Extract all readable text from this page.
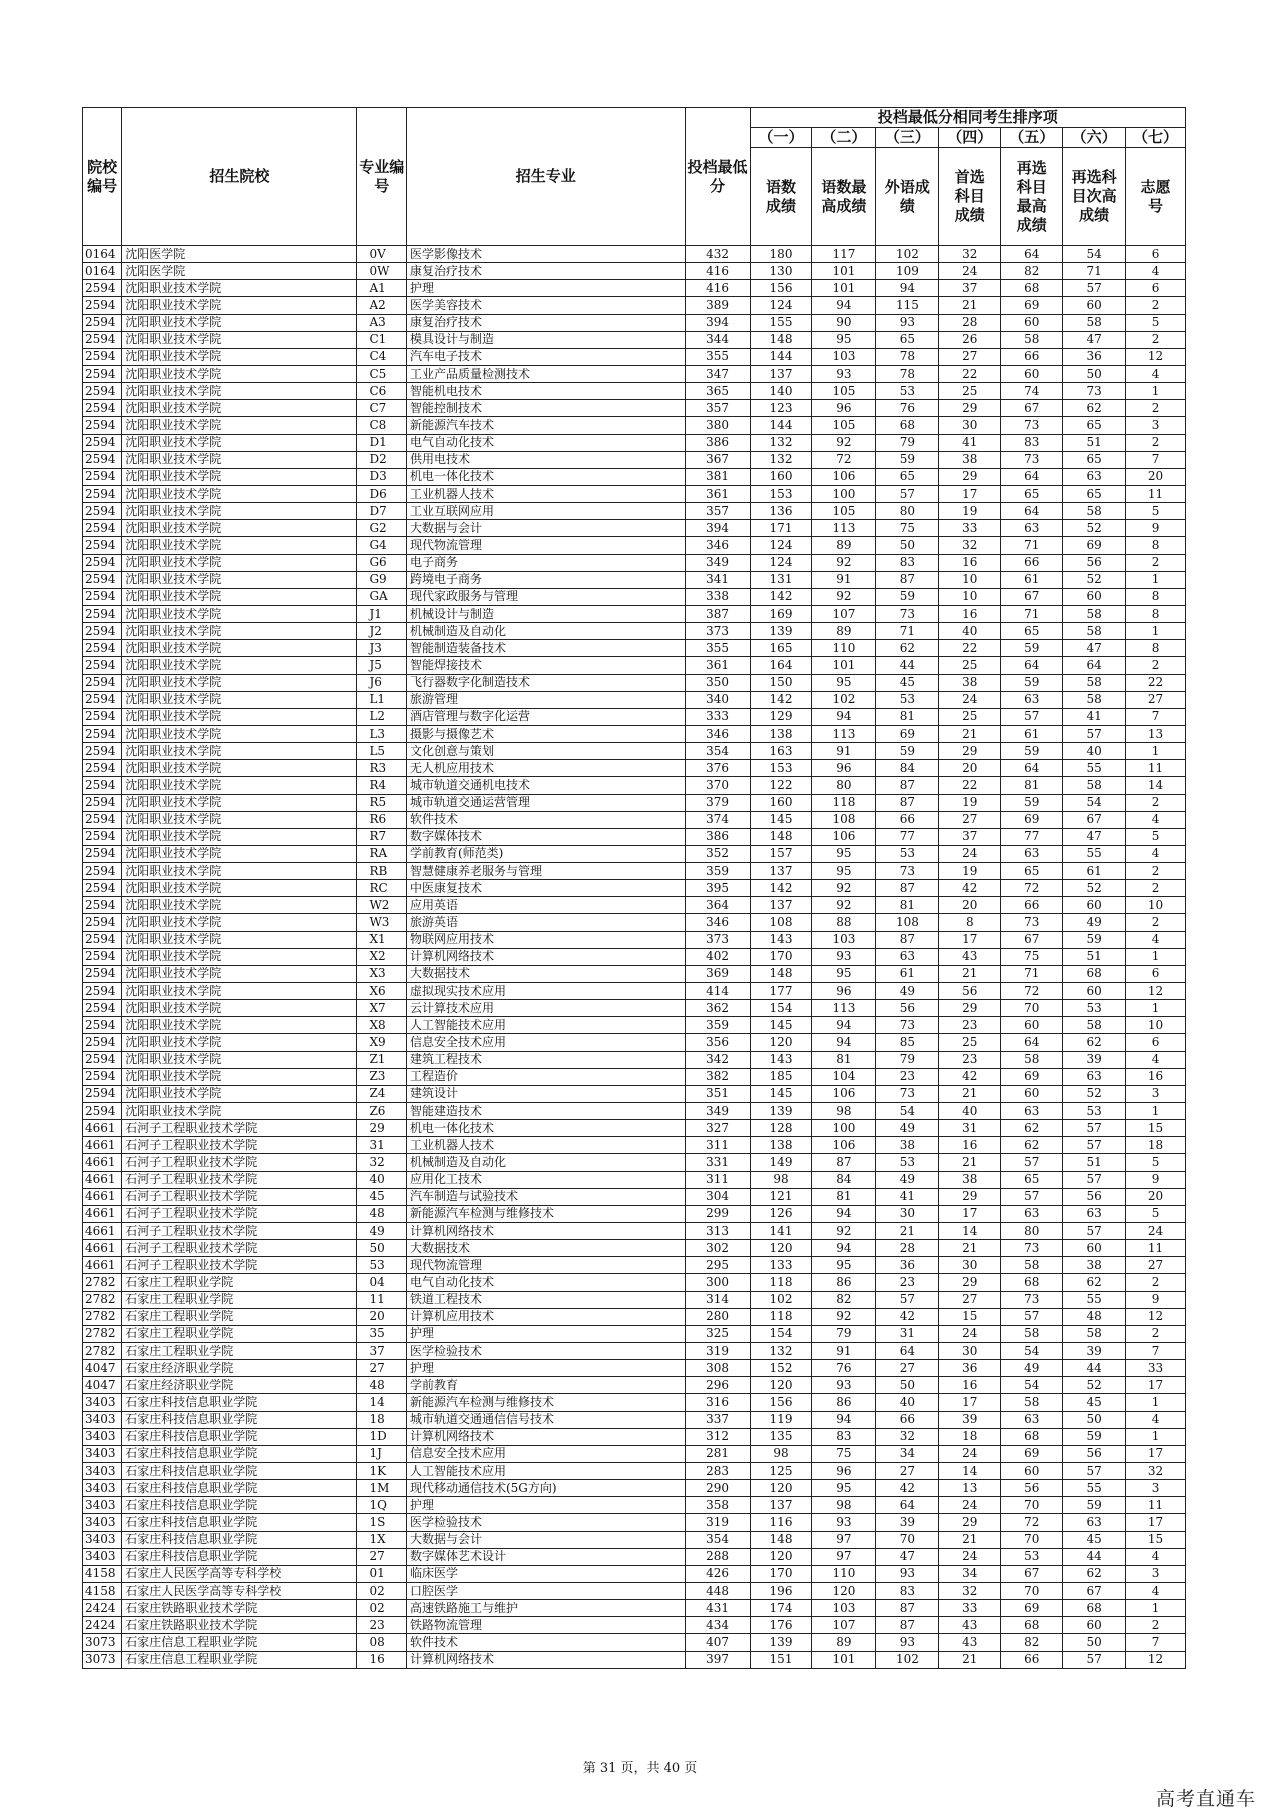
院校编号	招生院校	专业编号	招生专业	投档最低分	投档最低分相同考生排序项						
					（一）	（二）	（三）	（四）	（五）	（六）	（七）
					语数成绩	语数最高成绩	外语成绩	首选科目成绩	再选科目最高成绩	再选科目次高成绩	志愿号
0164	沈阳医学院	0V	医学影像技术	432	180	117	102	32	64	54	6
0164	沈阳医学院	0W	康复治疗技术	416	130	101	109	24	82	71	4
2594	沈阳职业技术学院	A1	护理	416	156	101	94	37	68	57	6
2594	沈阳职业技术学院	A2	医学美容技术	389	124	94	115	21	69	60	2
2594	沈阳职业技术学院	A3	康复治疗技术	394	155	90	93	28	60	58	5
2594	沈阳职业技术学院	C1	模具设计与制造	344	148	95	65	26	58	47	2
2594	沈阳职业技术学院	C4	汽车电子技术	355	144	103	78	27	66	36	12
2594	沈阳职业技术学院	C5	工业产品质量检测技术	347	137	93	78	22	60	50	4
2594	沈阳职业技术学院	C6	智能机电技术	365	140	105	53	25	74	73	1
2594	沈阳职业技术学院	C7	智能控制技术	357	123	96	76	29	67	62	2
2594	沈阳职业技术学院	C8	新能源汽车技术	380	144	105	68	30	73	65	3
2594	沈阳职业技术学院	D1	电气自动化技术	386	132	92	79	41	83	51	2
2594	沈阳职业技术学院	D2	供用电技术	367	132	72	59	38	73	65	7
2594	沈阳职业技术学院	D3	机电一体化技术	381	160	106	65	29	64	63	20
2594	沈阳职业技术学院	D6	工业机器人技术	361	153	100	57	17	65	65	11
2594	沈阳职业技术学院	D7	工业互联网应用	357	136	105	80	19	64	58	5
2594	沈阳职业技术学院	G2	大数据与会计	394	171	113	75	33	63	52	9
2594	沈阳职业技术学院	G4	现代物流管理	346	124	89	50	32	71	69	8
2594	沈阳职业技术学院	G6	电子商务	349	124	92	83	16	66	56	2
2594	沈阳职业技术学院	G9	跨境电子商务	341	131	91	87	10	61	52	1
2594	沈阳职业技术学院	GA	现代家政服务与管理	338	142	92	59	10	67	60	8
2594	沈阳职业技术学院	J1	机械设计与制造	387	169	107	73	16	71	58	8
2594	沈阳职业技术学院	J2	机械制造及自动化	373	139	89	71	40	65	58	1
2594	沈阳职业技术学院	J3	智能制造装备技术	355	165	110	62	22	59	47	8
2594	沈阳职业技术学院	J5	智能焊接技术	361	164	101	44	25	64	64	2
2594	沈阳职业技术学院	J6	飞行器数字化制造技术	350	150	95	45	38	59	58	22
2594	沈阳职业技术学院	L1	旅游管理	340	142	102	53	24	63	58	27
2594	沈阳职业技术学院	L2	酒店管理与数字化运营	333	129	94	81	25	57	41	7
2594	沈阳职业技术学院	L3	摄影与摄像艺术	346	138	113	69	21	61	57	13
2594	沈阳职业技术学院	L5	文化创意与策划	354	163	91	59	29	59	40	1
2594	沈阳职业技术学院	R3	无人机应用技术	376	153	96	84	20	64	55	11
2594	沈阳职业技术学院	R4	城市轨道交通机电技术	370	122	80	87	22	81	58	14
2594	沈阳职业技术学院	R5	城市轨道交通运营管理	379	160	118	87	19	59	54	2
2594	沈阳职业技术学院	R6	软件技术	374	145	108	66	27	69	67	4
2594	沈阳职业技术学院	R7	数字媒体技术	386	148	106	77	37	77	47	5
2594	沈阳职业技术学院	RA	学前教育(师范类)	352	157	95	53	24	63	55	4
2594	沈阳职业技术学院	RB	智慧健康养老服务与管理	359	137	95	73	19	65	61	2
2594	沈阳职业技术学院	RC	中医康复技术	395	142	92	87	42	72	52	2
2594	沈阳职业技术学院	W2	应用英语	364	137	92	81	20	66	60	10
2594	沈阳职业技术学院	W3	旅游英语	346	108	88	108	8	73	49	2
2594	沈阳职业技术学院	X1	物联网应用技术	373	143	103	87	17	67	59	4
2594	沈阳职业技术学院	X2	计算机网络技术	402	170	93	63	43	75	51	1
2594	沈阳职业技术学院	X3	大数据技术	369	148	95	61	21	71	68	6
2594	沈阳职业技术学院	X6	虚拟现实技术应用	414	177	96	49	56	72	60	12
2594	沈阳职业技术学院	X7	云计算技术应用	362	154	113	56	29	70	53	1
2594	沈阳职业技术学院	X8	人工智能技术应用	359	145	94	73	23	60	58	10
2594	沈阳职业技术学院	X9	信息安全技术应用	356	120	94	85	25	64	62	6
2594	沈阳职业技术学院	Z1	建筑工程技术	342	143	81	79	23	58	39	4
2594	沈阳职业技术学院	Z3	工程造价	382	185	104	23	42	69	63	16
2594	沈阳职业技术学院	Z4	建筑设计	351	145	106	73	21	60	52	3
2594	沈阳职业技术学院	Z6	智能建造技术	349	139	98	54	40	63	53	1
4661	石河子工程职业技术学院	29	机电一体化技术	327	128	100	49	31	62	57	15
4661	石河子工程职业技术学院	31	工业机器人技术	311	138	106	38	16	62	57	18
4661	石河子工程职业技术学院	32	机械制造及自动化	331	149	87	53	21	57	51	5
4661	石河子工程职业技术学院	40	应用化工技术	311	98	84	49	38	65	57	9
4661	石河子工程职业技术学院	45	汽车制造与试验技术	304	121	81	41	29	57	56	20
4661	石河子工程职业技术学院	48	新能源汽车检测与维修技术	299	126	94	30	17	63	63	5
4661	石河子工程职业技术学院	49	计算机网络技术	313	141	92	21	14	80	57	24
4661	石河子工程职业技术学院	50	大数据技术	302	120	94	28	21	73	60	11
4661	石河子工程职业技术学院	53	现代物流管理	295	133	95	36	30	58	38	27
2782	石家庄工程职业学院	04	电气自动化技术	300	118	86	23	29	68	62	2
2782	石家庄工程职业学院	11	铁道工程技术	314	102	82	57	27	73	55	9
2782	石家庄工程职业学院	20	计算机应用技术	280	118	92	42	15	57	48	12
2782	石家庄工程职业学院	35	护理	325	154	79	31	24	58	58	2
2782	石家庄工程职业学院	37	医学检验技术	319	132	91	64	30	54	39	7
4047	石家庄经济职业学院	27	护理	308	152	76	27	36	49	44	33
4047	石家庄经济职业学院	48	学前教育	296	120	93	50	16	54	52	17
3403	石家庄科技信息职业学院	14	新能源汽车检测与维修技术	316	156	86	40	17	58	45	1
3403	石家庄科技信息职业学院	18	城市轨道交通通信信号技术	337	119	94	66	39	63	50	4
3403	石家庄科技信息职业学院	1D	计算机网络技术	312	135	83	32	18	68	59	1
3403	石家庄科技信息职业学院	1J	信息安全技术应用	281	98	75	34	24	69	56	17
3403	石家庄科技信息职业学院	1K	人工智能技术应用	283	125	96	27	14	60	57	32
3403	石家庄科技信息职业学院	1M	现代移动通信技术(5G方向)	290	120	95	42	13	56	55	3
3403	石家庄科技信息职业学院	1Q	护理	358	137	98	64	24	70	59	11
3403	石家庄科技信息职业学院	1S	医学检验技术	319	116	93	39	29	72	63	17
3403	石家庄科技信息职业学院	1X	大数据与会计	354	148	97	70	21	70	45	15
3403	石家庄科技信息职业学院	27	数字媒体艺术设计	288	120	97	47	24	53	44	4
4158	石家庄人民医学高等专科学校	01	临床医学	426	170	110	93	34	67	62	3
4158	石家庄人民医学高等专科学校	02	口腔医学	448	196	120	83	32	70	67	4
2424	石家庄铁路职业技术学院	02	高速铁路施工与维护	431	174	103	87	33	69	68	1
2424	石家庄铁路职业技术学院	23	铁路物流管理	434	176	107	87	43	68	60	2
3073	石家庄信息工程职业学院	08	软件技术	407	139	89	93	43	82	50	7
3073	石家庄信息工程职业学院	16	计算机网络技术	397	151	101	102	21	66	57	12
第 31 页，共 40 页
高考直通车
